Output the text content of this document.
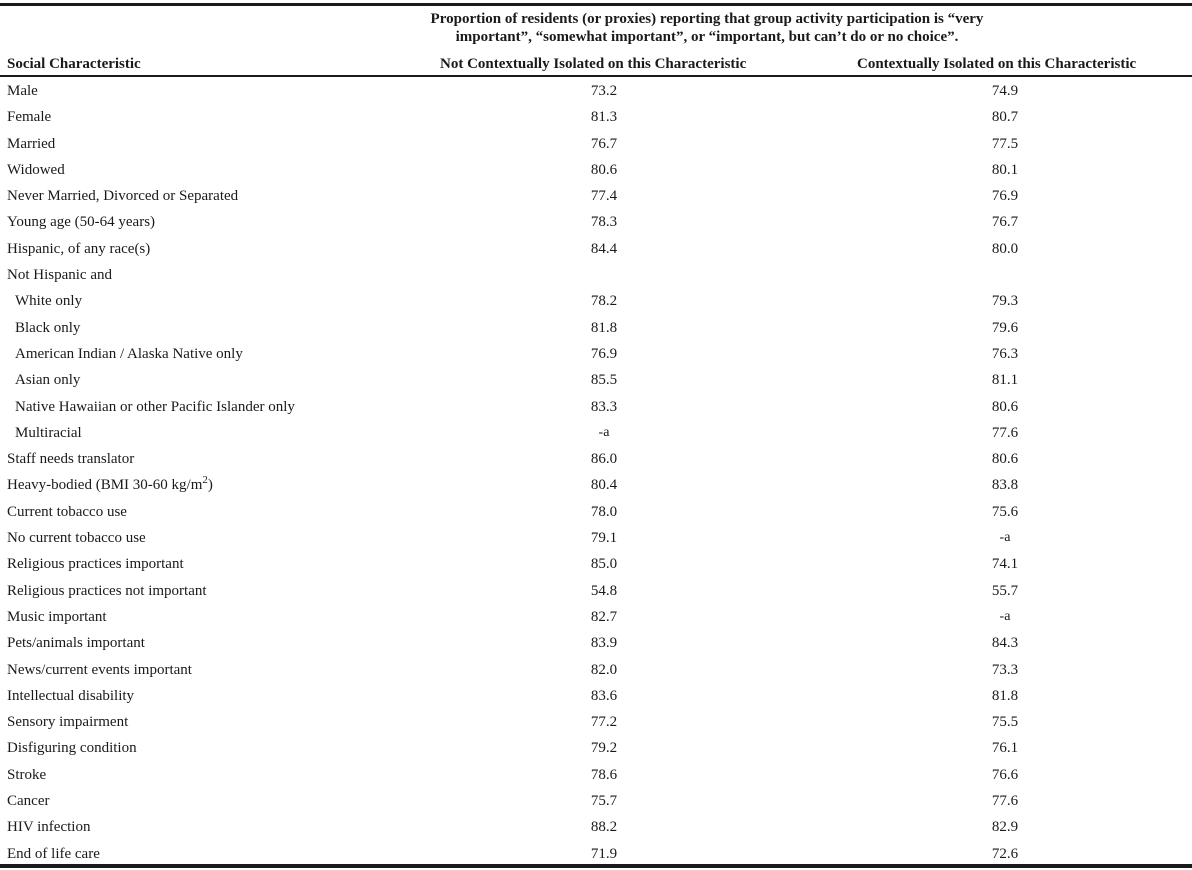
Proportion of residents (or proxies) reporting that group activity participation is “very important”, “somewhat important”, or “important, but can’t do or no choice”.
Social Characteristic	Not Contextually Isolated on this Characteristic	Contextually Isolated on this Characteristic
Male	73.2	74.9
Female	81.3	80.7
Married	76.7	77.5
Widowed	80.6	80.1
Never Married, Divorced or Separated	77.4	76.9
Young age (50-64 years)	78.3	76.7
Hispanic, of any race(s)	84.4	80.0
Not Hispanic and
White only	78.2	79.3
Black only	81.8	79.6
American Indian / Alaska Native only	76.9	76.3
Asian only	85.5	81.1
Native Hawaiian or other Pacific Islander only	83.3	80.6
Multiracial	-a	77.6
Staff needs translator	86.0	80.6
Heavy-bodied (BMI 30-60 $kg/m^2$)	80.4	83.8
Current tobacco use	78.0	75.6
No current tobacco use	79.1	-a
Religious practices important	85.0	74.1
Religious practices not important	54.8	55.7
Music important	82.7	-a
Pets/animals important	83.9	84.3
News/current events important	82.0	73.3
Intellectual disability	83.6	81.8
Sensory impairment	77.2	75.5
Disfiguring condition	79.2	76.1
Stroke	78.6	76.6
Cancer	75.7	77.6
HIV infection	88.2	82.9
End of life care	71.9	72.6
